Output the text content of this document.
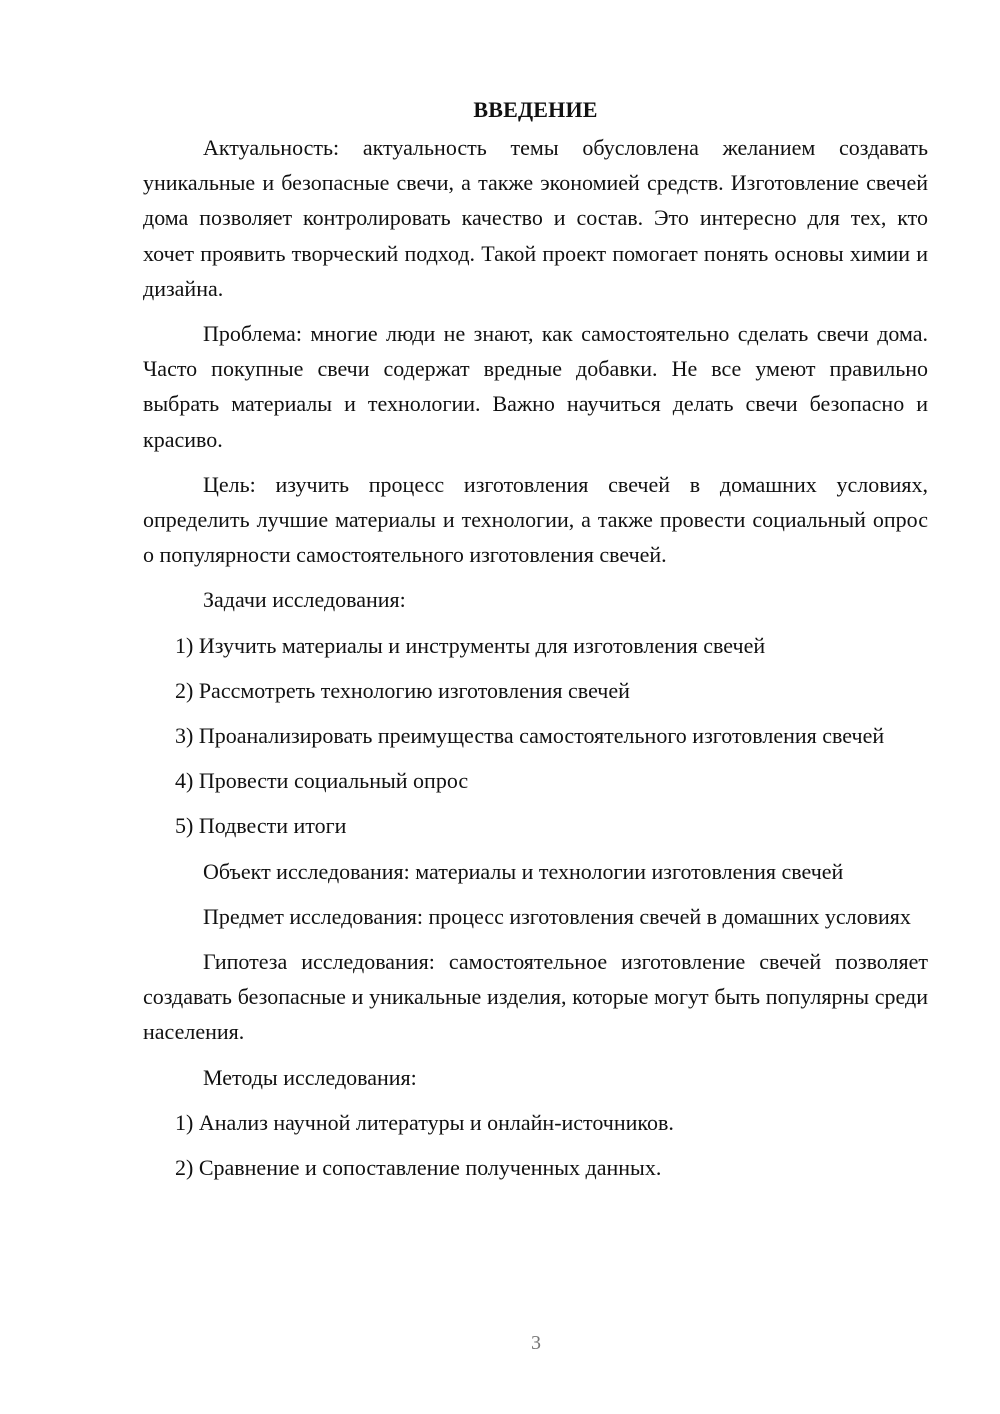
ВВЕДЕНИЕ

Актуальность: актуальность темы обусловлена желанием создавать уникальные и безопасные свечи, а также экономией средств. Изготовление свечей дома позволяет контролировать качество и состав. Это интересно для тех, кто хочет проявить творческий подход. Такой проект помогает понять основы химии и дизайна.

Проблема: многие люди не знают, как самостоятельно сделать свечи дома. Часто покупные свечи содержат вредные добавки. Не все умеют правильно выбрать материалы и технологии. Важно научиться делать свечи безопасно и красиво.

Цель: изучить процесс изготовления свечей в домашних условиях, определить лучшие материалы и технологии, а также провести социальный опрос о популярности самостоятельного изготовления свечей.

Задачи исследования:

1) Изучить материалы и инструменты для изготовления свечей

2) Рассмотреть технологию изготовления свечей

3) Проанализировать преимущества самостоятельного изготовления свечей

4) Провести социальный опрос

5) Подвести итоги

Объект исследования: материалы и технологии изготовления свечей

Предмет исследования: процесс изготовления свечей в домашних условиях

Гипотеза исследования: самостоятельное изготовление свечей позволяет создавать безопасные и уникальные изделия, которые могут быть популярны среди населения.

Методы исследования:

1) Анализ научной литературы и онлайн-источников.

2) Сравнение и сопоставление полученных данных.

3
